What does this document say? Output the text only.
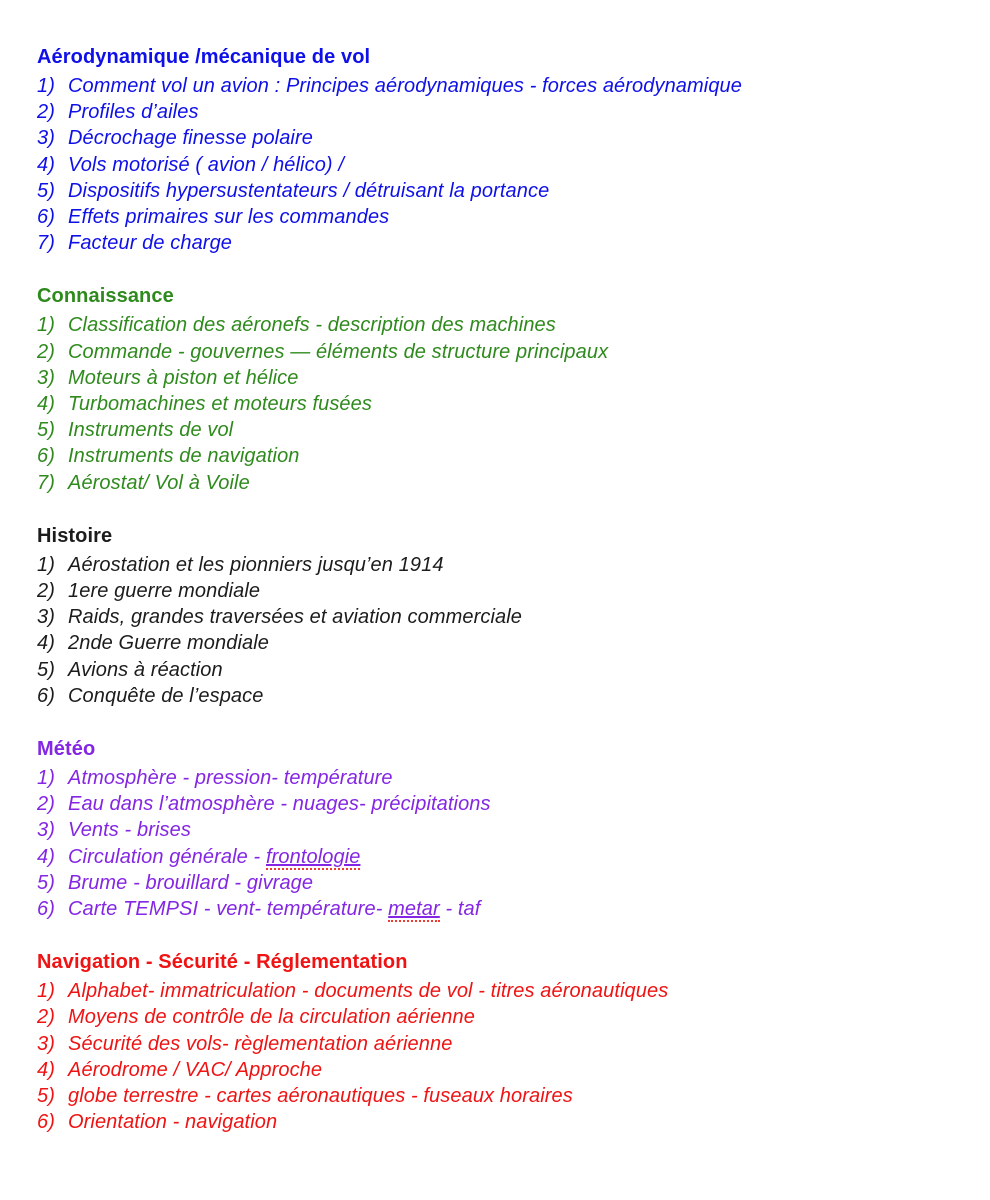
Aérodynamique /mécanique de vol
1) Comment vol un avion : Principes aérodynamiques - forces aérodynamique
2) Profiles d’ailes
3) Décrochage finesse polaire
4) Vols motorisé ( avion / hélico) /
5) Dispositifs hypersustentateurs / détruisant la portance
6) Effets primaires sur les commandes
7) Facteur de charge
Connaissance
1) Classification des aéronefs - description des machines
2) Commande - gouvernes — éléments de structure principaux
3) Moteurs à piston et hélice
4) Turbomachines et moteurs fusées
5) Instruments de vol
6) Instruments de navigation
7) Aérostat/ Vol à Voile
Histoire
1) Aérostation et les pionniers jusqu’en 1914
2) 1ere guerre mondiale
3) Raids, grandes traversées et aviation commerciale
4) 2nde Guerre mondiale
5) Avions à réaction
6) Conquête de l’espace
Météo
1) Atmosphère - pression- température
2) Eau dans l’atmosphère - nuages- précipitations
3) Vents - brises
4) Circulation générale - frontologie
5) Brume - brouillard - givrage
6) Carte TEMPSI - vent- température- metar - taf
Navigation - Sécurité - Réglementation
1) Alphabet- immatriculation - documents de vol - titres aéronautiques
2) Moyens de contrôle de la circulation aérienne
3) Sécurité des vols- règlementation aérienne
4) Aérodrome / VAC/ Approche
5) globe terrestre - cartes aéronautiques - fuseaux horaires
6) Orientation - navigation
